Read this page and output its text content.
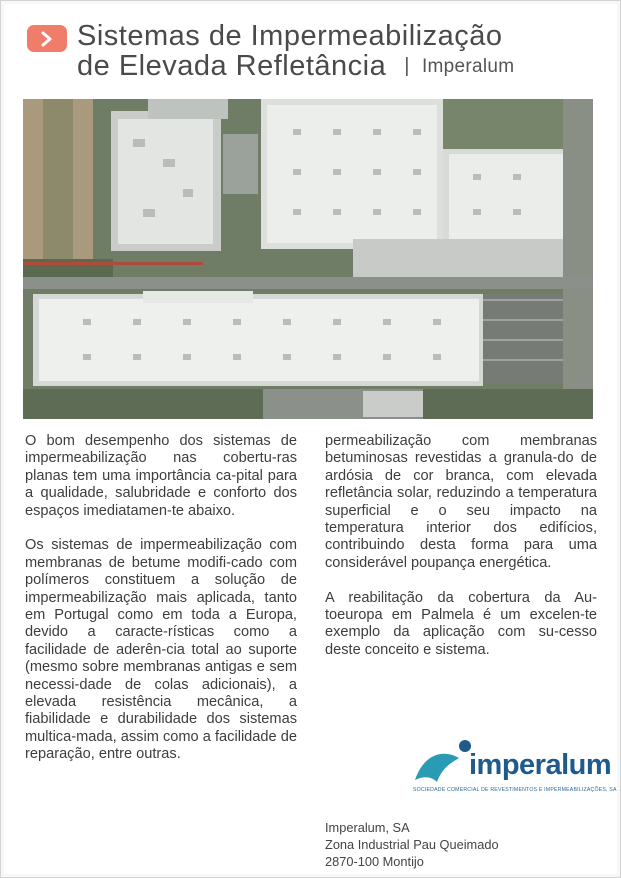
Sistemas de Impermeabilização
de Elevada Refletância | Imperalum

O bom desempenho dos sistemas de impermeabilização nas cobertu-ras planas tem uma importância ca-pital para a qualidade, salubridade e conforto dos espaços imediatamen-te abaixo.

Os sistemas de impermeabilização com membranas de betume modifi-cado com polímeros constituem a solução de impermeabilização mais aplicada, tanto em Portugal como em toda a Europa, devido a caracte-rísticas como a facilidade de aderên-cia total ao suporte (mesmo sobre membranas antigas e sem necessi-dade de colas adicionais), a elevada resistência mecânica, a fiabilidade e durabilidade dos sistemas multica-mada, assim como a facilidade de reparação, entre outras.

permeabilização com membranas betuminosas revestidas a granula-do de ardósia de cor branca, com elevada refletância solar, reduzindo a temperatura superficial e o seu impacto na temperatura interior dos edifícios, contribuindo desta forma para uma considerável poupança energética.

A reabilitação da cobertura da Au-toeuropa em Palmela é um excelen-te exemplo da aplicação com su-cesso deste conceito e sistema.

imperalum
SOCIEDADE COMERCIAL DE REVESTIMENTOS E IMPERMEABILIZAÇÕES, SA
Imperalum, SA
Zona Industrial Pau Queimado
2870-100 Montijo
